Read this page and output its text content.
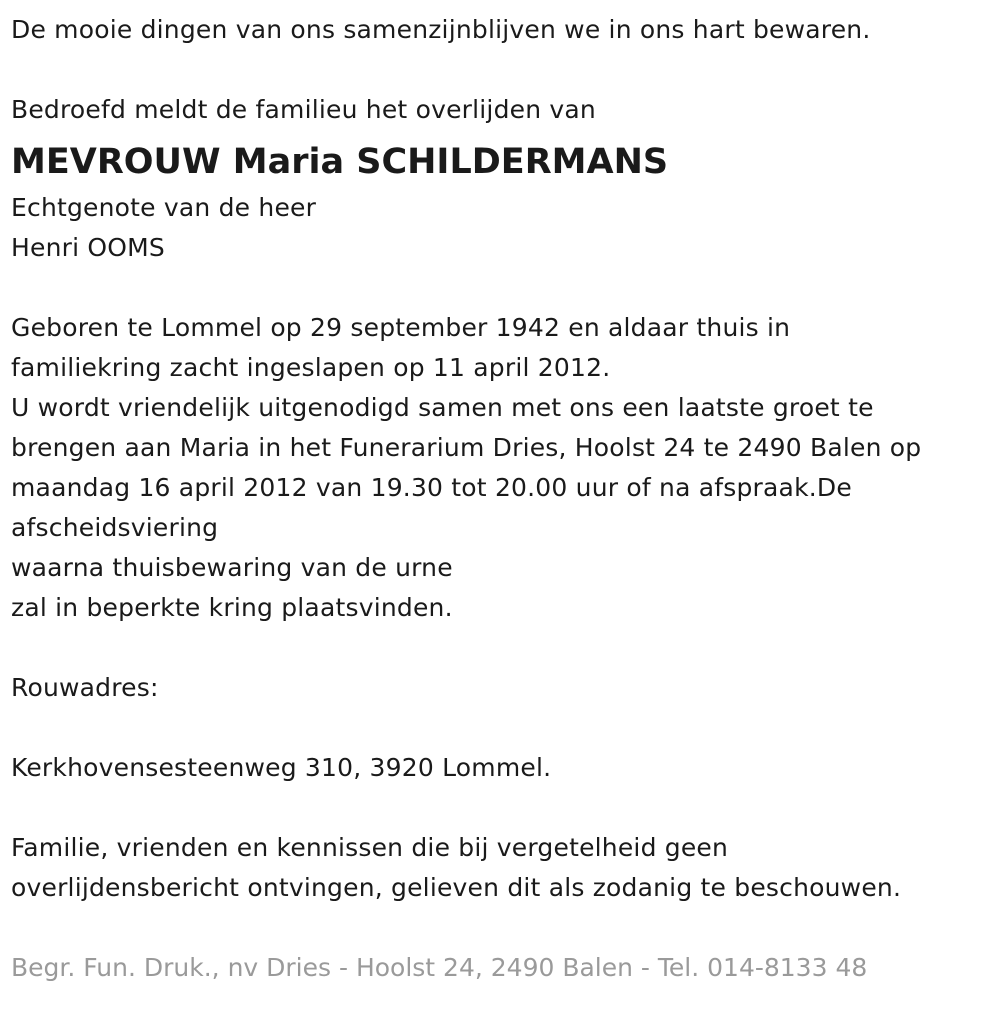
De mooie dingen van ons samenzijnblijven we in ons hart bewaren.
Bedroefd meldt de familieu het overlijden van
MEVROUW Maria SCHILDERMANS
Echtgenote van de heer
Henri OOMS
Geboren te Lommel op 29 september 1942 en aldaar thuis in
familiekring zacht ingeslapen op 11 april 2012.
U wordt vriendelijk uitgenodigd samen met ons een laatste groet te
brengen aan Maria in het Funerarium Dries, Hoolst 24 te 2490 Balen op
maandag 16 april 2012 van 19.30 tot 20.00 uur of na afspraak.De
afscheidsviering
waarna thuisbewaring van de urne
zal in beperkte kring plaatsvinden.
Rouwadres:
Kerkhovensesteenweg 310, 3920 Lommel.
Familie, vrienden en kennissen die bij vergetelheid geen
overlijdensbericht ontvingen, gelieven dit als zodanig te beschouwen.
Begr. Fun. Druk., nv Dries - Hoolst 24, 2490 Balen - Tel. 014-8133 48
